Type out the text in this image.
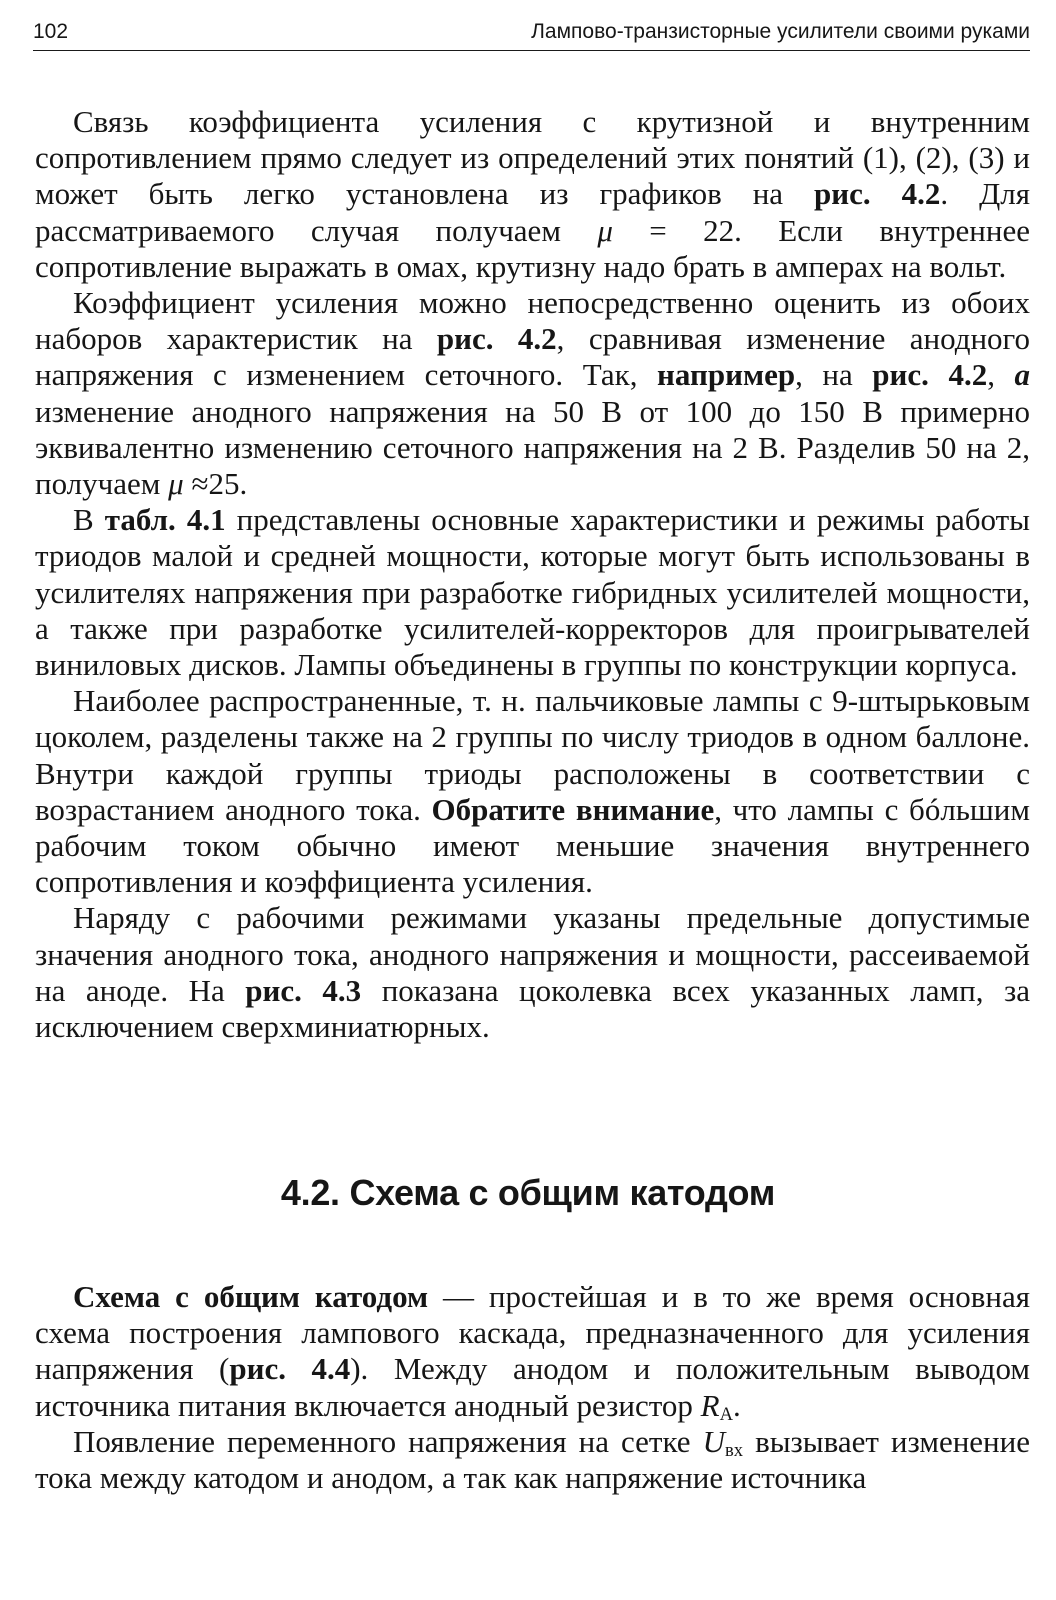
102	Лампово-транзисторные усилители своими руками

Связь коэффициента усиления с крутизной и внутренним сопротивлением прямо следует из определений этих понятий (1), (2), (3) и может быть легко установлена из графиков на рис. 4.2. Для рассматриваемого случая получаем μ = 22. Если внутреннее сопротивление выражать в омах, крутизну надо брать в амперах на вольт.

Коэффициент усиления можно непосредственно оценить из обоих наборов характеристик на рис. 4.2, сравнивая изменение анодного напряжения с изменением сеточного. Так, например, на рис. 4.2, а изменение анодного напряжения на 50 В от 100 до 150 В примерно эквивалентно изменению сеточного напряжения на 2 В. Разделив 50 на 2, получаем μ ≈25.

В табл. 4.1 представлены основные характеристики и режимы работы триодов малой и средней мощности, которые могут быть использованы в усилителях напряжения при разработке гибридных усилителей мощности, а также при разработке усилителей-корректоров для проигрывателей виниловых дисков. Лампы объединены в группы по конструкции корпуса.

Наиболее распространенные, т. н. пальчиковые лампы с 9-штырьковым цоколем, разделены также на 2 группы по числу триодов в одном баллоне. Внутри каждой группы триоды расположены в соответствии с возрастанием анодного тока. Обратите внимание, что лампы с бóльшим рабочим током обычно имеют меньшие значения внутреннего сопротивления и коэффициента усиления.

Наряду с рабочими режимами указаны предельные допустимые значения анодного тока, анодного напряжения и мощности, рассеиваемой на аноде. На рис. 4.3 показана цоколевка всех указанных ламп, за исключением сверхминиатюрных.

4.2. Схема с общим катодом

Схема с общим катодом — простейшая и в то же время основная схема построения лампового каскада, предназначенного для усиления напряжения (рис. 4.4). Между анодом и положительным выводом источника питания включается анодный резистор $R_А$.

Появление переменного напряжения на сетке $U_{вх}$ вызывает изменение тока между катодом и анодом, а так как напряжение источника
